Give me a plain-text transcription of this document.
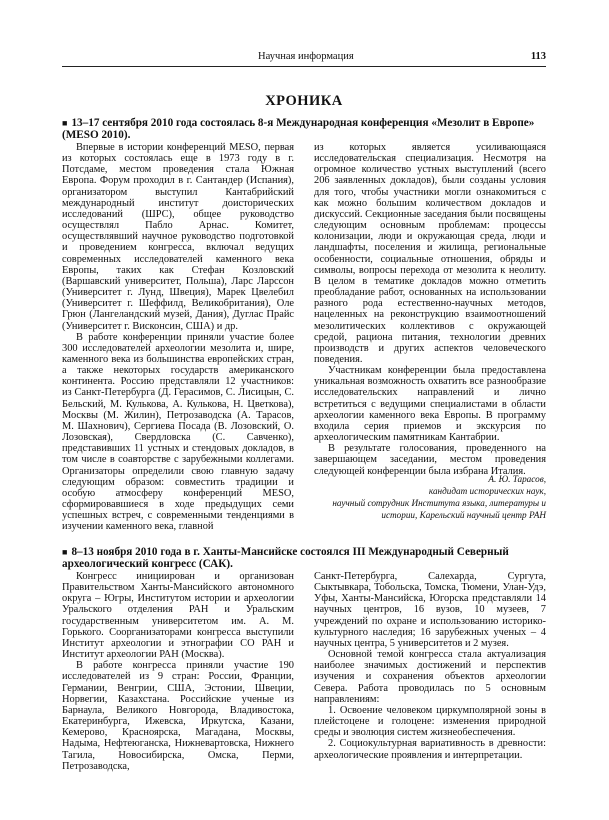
Научная информация	113
ХРОНИКА
■ 13–17 сентября 2010 года состоялась 8-я Международная конференция «Мезолит в Европе» (MESO 2010).

Впервые в истории конференций MESO, первая из которых состоялась еще в 1973 году в г. Потсдаме, местом проведения стала Южная Европа. Форум проходил в г. Сантандер (Испания), организатором выступил Кантабрийский международный институт доисторических исследований (ШРС), общее руководство осуществлял Пабло Арнас. Комитет, осуществлявший научное руководство подготовкой и проведением конгресса, включал ведущих современных исследователей каменного века Европы, таких как Стефан Козловский (Варшавский университет, Польша), Ларс Ларссон (Университет г. Лунд, Швеция), Марек Цвелебил (Университет г. Шеффилд, Великобритания), Оле Грюн (Лангеландский музей, Дания), Дуглас Прайс (Университет г. Висконсин, США) и др.

В работе конференции приняли участие более 300 исследователей археологии мезолита и, шире, каменного века из большинства европейских стран, а также некоторых государств американского континента. Россию представляли 12 участников: из Санкт-Петербурга (Д. Герасимов, С. Лисицын, С. Бельский, М. Кулькова, А. Кулькова, Н. Цветкова), Москвы (М. Жилин), Петрозаводска (А. Тарасов, М. Шахнович), Сергиева Посада (В. Лозовский, О. Лозовская), Свердловска (С. Савченко), представивших 11 устных и стендовых докладов, в том числе в соавторстве с зарубежными коллегами. Организаторы определили свою главную задачу следующим образом: совместить традиции и особую атмосферу конференций MESO, сформировавшиеся в ходе предыдущих семи успешных встреч, с современными тенденциями в изучении каменного века, главной

из которых является усиливающаяся исследовательская специализация. Несмотря на огромное количество устных выступлений (всего 206 заявленных докладов), были созданы условия для того, чтобы участники могли ознакомиться с как можно большим количеством докладов и дискуссий. Секционные заседания были посвящены следующим основным проблемам: процессы колонизации, люди и окружающая среда, люди и ландшафты, поселения и жилища, региональные особенности, социальные отношения, обряды и символы, вопросы перехода от мезолита к неолиту. В целом в тематике докладов можно отметить преобладание работ, основанных на использовании разного рода естественно-научных методов, нацеленных на реконструкцию взаимоотношений мезолитических коллективов с окружающей средой, рациона питания, технологии древних производств и других аспектов человеческого поведения.

Участникам конференции была предоставлена уникальная возможность охватить все разнообразие исследовательских направлений и лично встретиться с ведущими специалистами в области археологии каменного века Европы. В программу входила серия приемов и экскурсия по археологическим памятникам Кантабрии.

В результате голосования, проведенного на завершающем заседании, местом проведения следующей конференции была избрана Италия.

А. Ю. Тарасов,
кандидат исторических наук,
научный сотрудник Института языка, литературы и
истории, Карельский научный центр РАН
■ 8–13 ноября 2010 года в г. Ханты-Мансийске состоялся III Международный Северный археологический конгресс (САК).

Конгресс инициирован и организован Правительством Ханты-Мансийского автономного округа – Югры, Институтом истории и археологии Уральского отделения РАН и Уральским государственным университетом им. А. М. Горького. Соорганизаторами конгресса выступили Институт археологии и этнографии СО РАН и Институт археологии РАН (Москва).

В работе конгресса приняли участие 190 исследователей из 9 стран: России, Франции, Германии, Венгрии, США, Эстонии, Швеции, Норвегии, Казахстана. Российские ученые из Барнаула, Великого Новгорода, Владивостока, Екатеринбурга, Ижевска, Иркутска, Казани, Кемерово, Красноярска, Магадана, Москвы, Надыма, Нефтеюганска, Нижневартовска, Нижнего Тагила, Новосибирска, Омска, Перми, Петрозаводска,

Санкт-Петербурга, Салехарда, Сургута, Сыктывкара, Тобольска, Томска, Тюмени, Улан-Удэ, Уфы, Ханты-Мансийска, Югорска представляли 14 научных центров, 16 вузов, 10 музеев, 7 учреждений по охране и использованию историко-культурного наследия; 16 зарубежных ученых – 4 научных центра, 5 университетов и 2 музея.

Основной темой конгресса стала актуализация наиболее значимых достижений и перспектив изучения и сохранения объектов археологии Севера. Работа проводилась по 5 основным направлениям:

1. Освоение человеком циркумполярной зоны в плейстоцене и голоцене: изменения природной среды и эволюция систем жизнеобеспечения.

2. Социокультурная вариативность в древности: археологические проявления и интерпретации.
